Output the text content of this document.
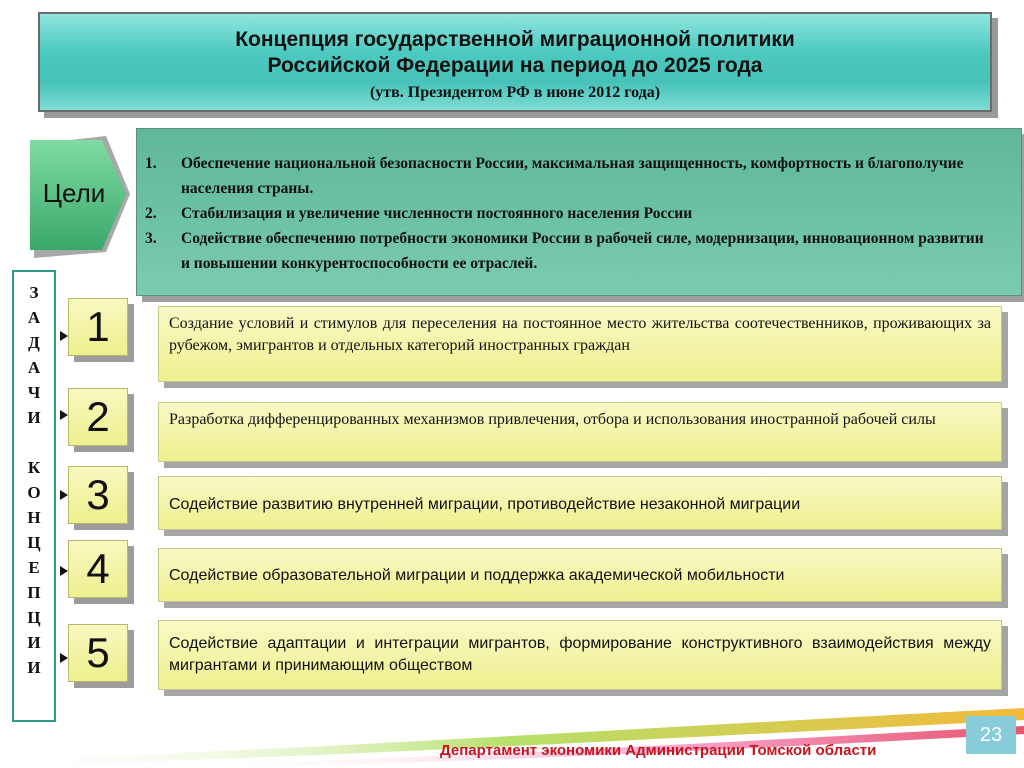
Концепция государственной миграционной политики
Российской Федерации на период до 2025 года
(утв. Президентом РФ в июне 2012 года)
Цели
1. Обеспечение национальной безопасности России, максимальная защищенность, комфортность и благополучие населения страны.
2. Стабилизация и увеличение численности постоянного населения России
3. Содействие обеспечению потребности экономики России в рабочей силе, модернизации, инновационном развитии и повышении конкурентоспособности ее отраслей.
З
А
Д
А
Ч
И
К
О
Н
Ц
Е
П
Ц
И
И
1	Создание условий и стимулов для переселения на постоянное место жительства соотечественников, проживающих за рубежом, эмигрантов и отдельных категорий иностранных граждан
2	Разработка дифференцированных механизмов привлечения, отбора и использования иностранной рабочей силы
3	Содействие развитию внутренней миграции, противодействие незаконной миграции
4	Содействие образовательной миграции и поддержка академической мобильности
5	Содействие адаптации и интеграции мигрантов, формирование конструктивного взаимодействия между мигрантами и принимающим обществом
23
Департамент экономики Администрации Томской области
